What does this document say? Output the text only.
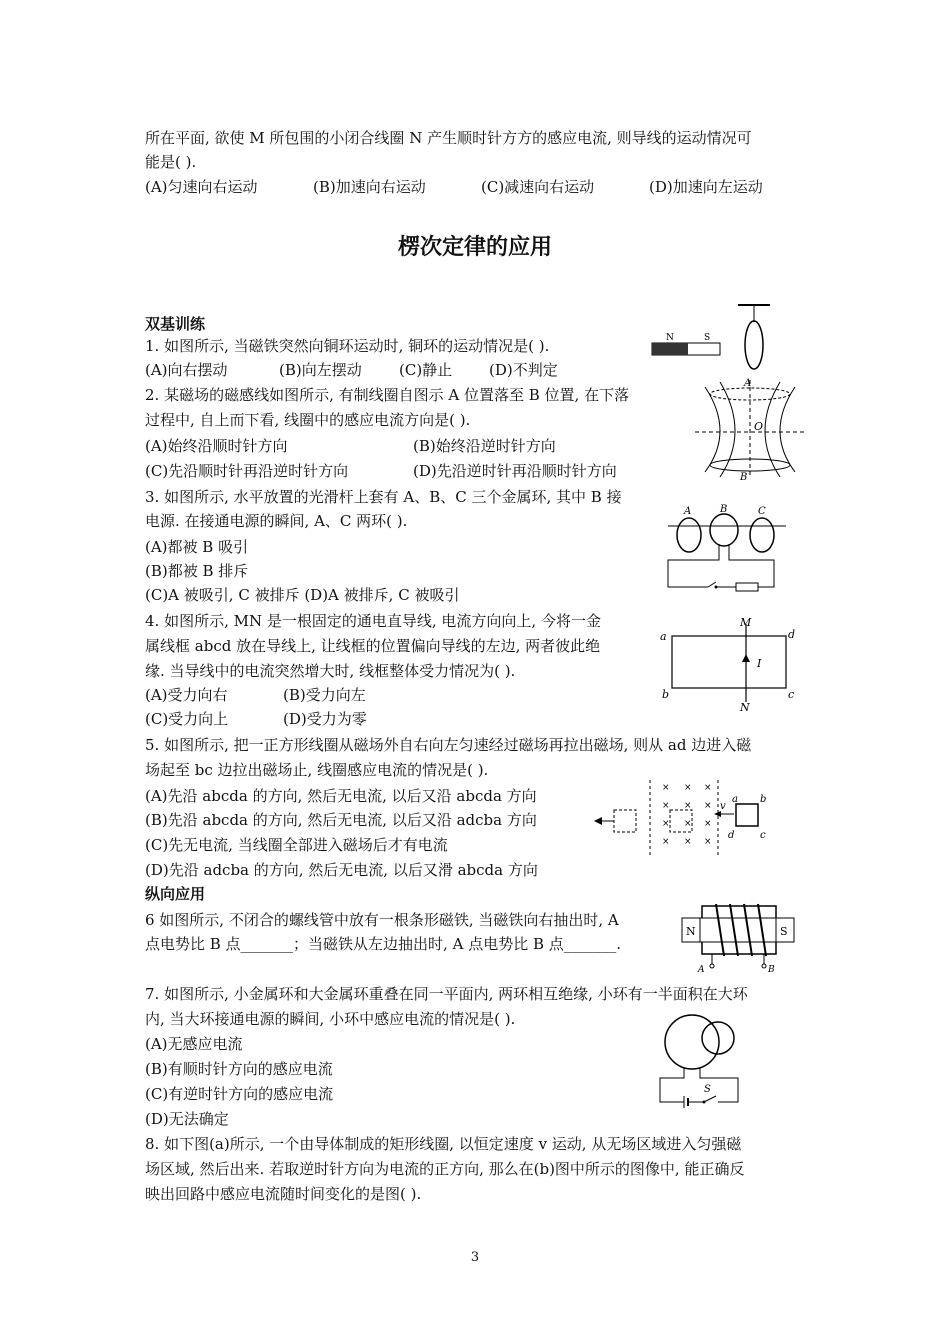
所在平面, 欲使 M 所包围的小闭合线圈 N 产生顺时针方方的感应电流, 则导线的运动情况可
能是( ).
(A)匀速向右运动	(B)加速向右运动	(C)减速向右运动	(D)加速向左运动
楞次定律的应用
双基训练
1. 如图所示, 当磁铁突然向铜环运动时, 铜环的运动情况是( ).
(A)向右摆动	(B)向左摆动 (C)静止 (D)不判定
N	S
2. 某磁场的磁感线如图所示, 有制线圈自图示 A 位置落至 B 位置, 在下落
过程中, 自上而下看, 线圈中的感应电流方向是( ).
(A)始终沿顺时针方向	(B)始终沿逆时针方向
(C)先沿顺时针再沿逆时针方向	(D)先沿逆时针再沿顺时针方向
A
O
B
3. 如图所示, 水平放置的光滑杆上套有 A、B、C 三个金属环, 其中 B 接
电源. 在接通电源的瞬间, A、C 两环( ).
(A)都被 B 吸引
(B)都被 B 排斥
(C)A 被吸引, C 被排斥 (D)A 被排斥, C 被吸引
A	B	C
4. 如图所示, MN 是一根固定的通电直导线, 电流方向向上, 今将一金
属线框 abcd 放在导线上, 让线框的位置偏向导线的左边, 两者彼此绝
缘. 当导线中的电流突然增大时, 线框整体受力情况为( ).
(A)受力向右	(B)受力向左
(C)受力向上	(D)受力为零
M
N
I
a
b	c
d
5. 如图所示, 把一正方形线圈从磁场外自右向左匀速经过磁场再拉出磁场, 则从 ad 边进入磁
场起至 bc 边拉出磁场止, 线圈感应电流的情况是( ).
(A)先沿 abcda 的方向, 然后无电流, 以后又沿 abcda 方向
(B)先沿 abcda 的方向, 然后无电流, 以后又沿 adcba 方向
(C)先无电流, 当线圈全部进入磁场后才有电流
(D)先沿 adcba 的方向, 然后无电流, 以后又滑 abcda 方向
× × ×
× × ×
× × ×
× × ×
v
a b
c
d
纵向应用
6 如图所示, 不闭合的螺线管中放有一根条形磁铁, 当磁铁向右抽出时, A
点电势比 B 点_______；当磁铁从左边抽出时, A 点电势比 B 点_______.
N	S
A	B
7. 如图所示, 小金属环和大金属环重叠在同一平面内, 两环相互绝缘, 小环有一半面积在大环
内, 当大环接通电源的瞬间, 小环中感应电流的情况是( ).
(A)无感应电流
(B)有顺时针方向的感应电流
(C)有逆时针方向的感应电流
(D)无法确定
S
8. 如下图(a)所示, 一个由导体制成的矩形线圈, 以恒定速度 v 运动, 从无场区域进入匀强磁
场区域, 然后出来. 若取逆时针方向为电流的正方向, 那么在(b)图中所示的图像中, 能正确反
映出回路中感应电流随时间变化的是图( ).
3
